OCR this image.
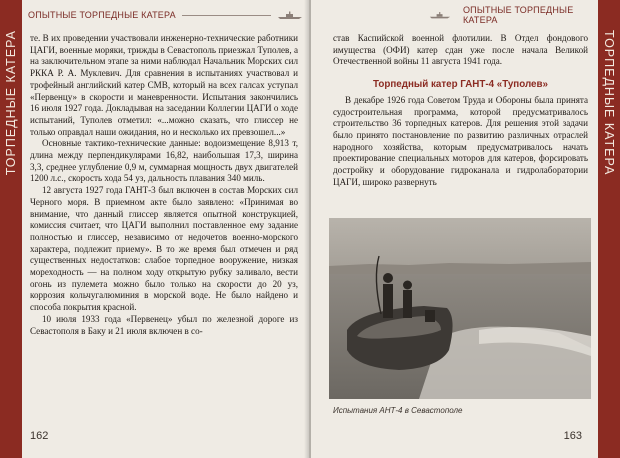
ТОРПЕДНЫЕ КАТЕРА
ОПЫТНЫЕ ТОРПЕДНЫЕ КАТЕРА

те. В их проведении участвовали инженерно-технические работники ЦАГИ, военные моряки, трижды в Севастополь приезжал Туполев, а на заключительном этапе за ними наблюдал Начальник Морских сил РККА Р. А. Муклевич. Для сравнения в испытаниях участвовал и трофейный английский катер СМВ, который на всех галсах уступал «Первенцу» в скорости и маневренности. Испытания закончились 16 июля 1927 года. Докладывая на заседании Коллегии ЦАГИ о ходе испытаний, Туполев отметил: «...можно сказать, что глиссер не только оправдал наши ожидания, но и несколько их превзошел...»

Основные тактико-технические данные: водоизмещение 8,913 т, длина между перпендикулярами 16,82, наибольшая 17,3, ширина 3,3, среднее углубление 0,9 м, суммарная мощность двух двигателей 1200 л.с., скорость хода 54 уз, дальность плавания 340 миль.

12 августа 1927 года ГАНТ-3 был включен в состав Морских сил Черного моря. В приемном акте было заявлено: «Принимая во внимание, что данный глиссер является опытной конструкцией, комиссия считает, что ЦАГИ выполнил поставленное ему задание полностью и глиссер, независимо от недочетов военно-морского характера, подлежит приему». В то же время был отмечен и ряд существенных недостатков: слабое торпедное вооружение, низкая мореходность — на полном ходу открытую рубку заливало, вести огонь из пулемета можно было только на скорости до 20 уз, коррозия кольчугалюминия в морской воде. Не было найдено и способа покрытия красной.

10 июля 1933 года «Первенец» убыл по железной дороге из Севастополя в Баку и 21 июля включен в со-

162
ОПЫТНЫЕ ТОРПЕДНЫЕ КАТЕРА
ТОРПЕДНЫЕ КАТЕРА

став Каспийской военной флотилии. В Отдел фондового имущества (ОФИ) катер сдан уже после начала Великой Отечественной войны 11 августа 1941 года.

Торпедный катер ГАНТ-4 «Туполев»

В декабре 1926 года Советом Труда и Обороны была принята судостроительная программа, которой предусматривалось строительство 36 торпедных катеров. Для решения этой задачи было принято постановление по развитию различных отраслей народного хозяйства, которым предусматривалось начать проектирование специальных моторов для катеров, форсировать достройку и оборудование гидроканала и гидролаборатории ЦАГИ, широко развернуть

Испытания АНТ-4 в Севастополе
163
